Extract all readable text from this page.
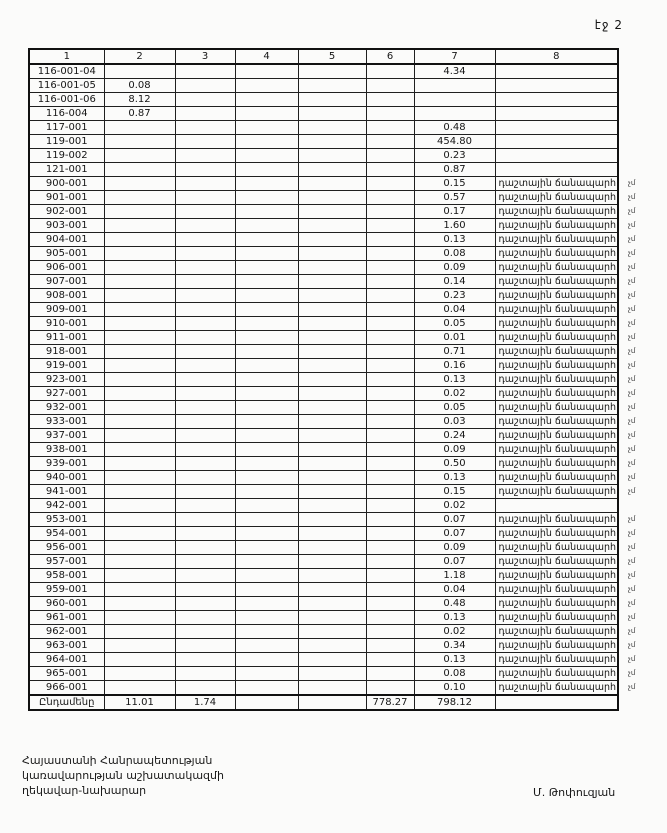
էջ 2
1	2	3	4	5	6	7	8	
116-001-04						4.34		
116-001-05	0.08							
116-001-06	8.12							
116-004	0.87							
117-001						0.48		
119-001						454.80		
119-002						0.23		
121-001						0.87		
900-001						0.15	դաշտային ճանապարհ	չմ
901-001						0.57	դաշտային ճանապարհ	չմ
902-001						0.17	դաշտային ճանապարհ	չմ
903-001						1.60	դաշտային ճանապարհ	չմ
904-001						0.13	դաշտային ճանապարհ	չմ
905-001						0.08	դաշտային ճանապարհ	չմ
906-001						0.09	դաշտային ճանապարհ	չմ
907-001						0.14	դաշտային ճանապարհ	չմ
908-001						0.23	դաշտային ճանապարհ	չմ
909-001						0.04	դաշտային ճանապարհ	չմ
910-001						0.05	դաշտային ճանապարհ	չմ
911-001						0.01	դաշտային ճանապարհ	չմ
918-001						0.71	դաշտային ճանապարհ	չմ
919-001						0.16	դաշտային ճանապարհ	չմ
923-001						0.13	դաշտային ճանապարհ	չմ
927-001						0.02	դաշտային ճանապարհ	չմ
932-001						0.05	դաշտային ճանապարհ	չմ
933-001						0.03	դաշտային ճանապարհ	չմ
937-001						0.24	դաշտային ճանապարհ	չմ
938-001						0.09	դաշտային ճանապարհ	չմ
939-001						0.50	դաշտային ճանապարհ	չմ
940-001						0.13	դաշտային ճանապարհ	չմ
941-001						0.15	դաշտային ճանապարհ	չմ
942-001						0.02		
953-001						0.07	դաշտային ճանապարհ	չմ
954-001						0.07	դաշտային ճանապարհ	չմ
956-001						0.09	դաշտային ճանապարհ	չմ
957-001						0.07	դաշտային ճանապարհ	չմ
958-001						1.18	դաշտային ճանապարհ	չմ
959-001						0.04	դաշտային ճանապարհ	չմ
960-001						0.48	դաշտային ճանապարհ	չմ
961-001						0.13	դաշտային ճանապարհ	չմ
962-001						0.02	դաշտային ճանապարհ	չմ
963-001						0.34	դաշտային ճանապարհ	չմ
964-001						0.13	դաշտային ճանապարհ	չմ
965-001						0.08	դաշտային ճանապարհ	չմ
966-001						0.10	դաշտային ճանապարհ	չմ
Ընդամենը	11.01	1.74			778.27	798.12		
Հայաստանի Հանրապետության
կառավարության աշխատակազմի
ղեկավար-նախարար	Մ. Թոփուզյան
